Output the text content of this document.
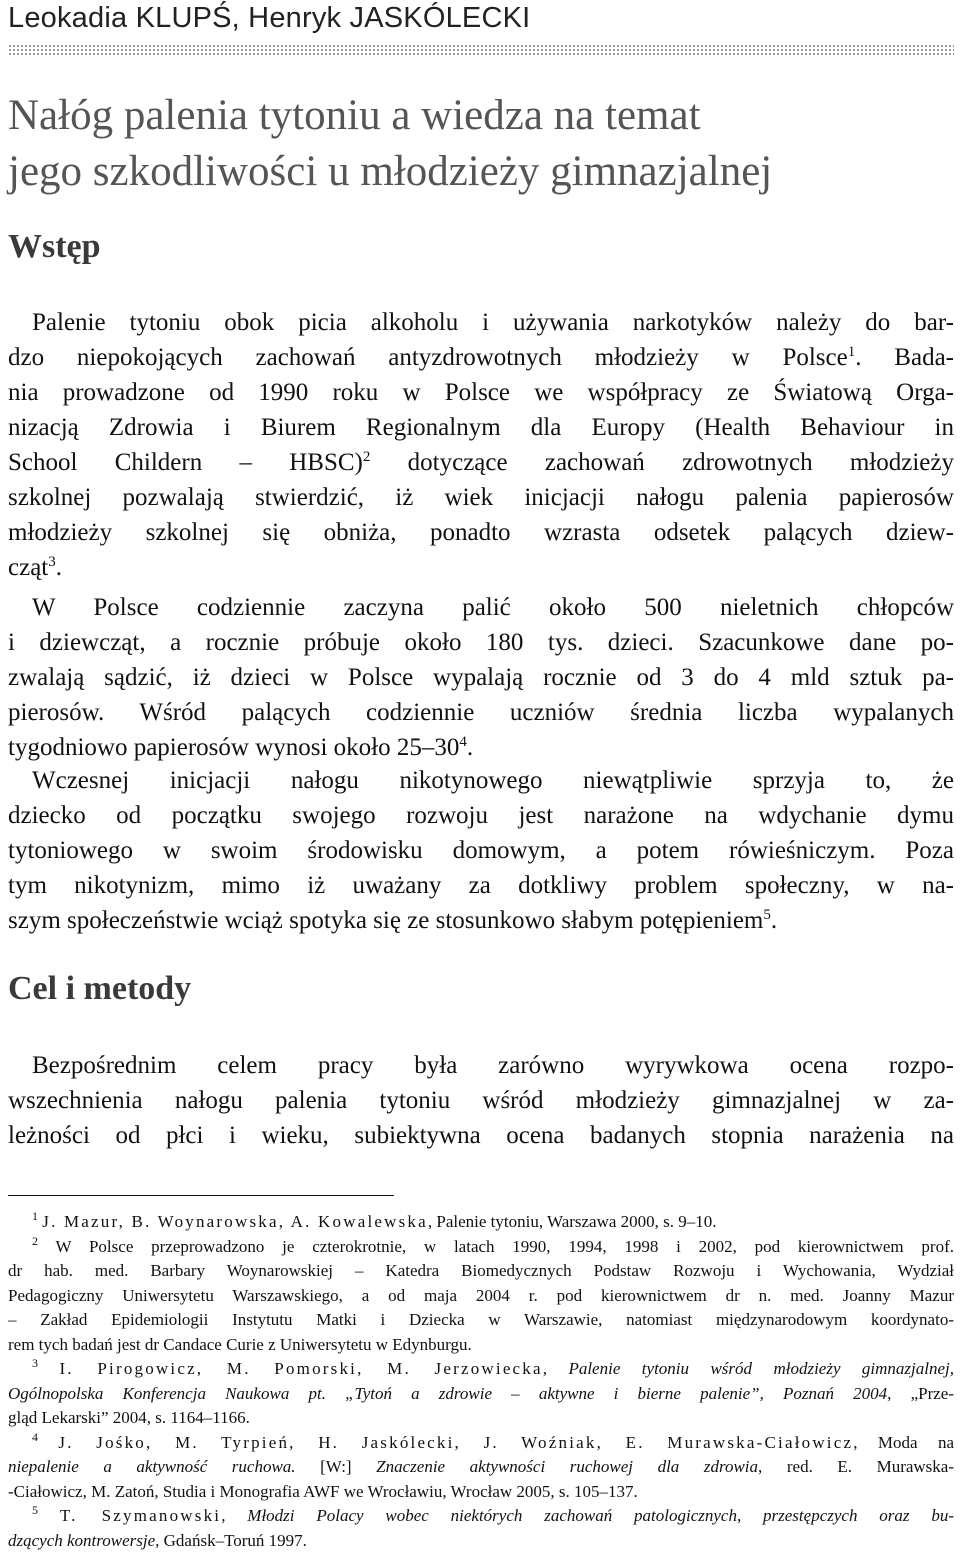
Leokadia KLUPŚ, Henryk JASKÓLECKI
Nałóg palenia tytoniu a wiedza na temat
jego szkodliwości u młodzieży gimnazjalnej
Wstęp
Palenie tytoniu obok picia alkoholu i używania narkotyków należy do bar-
dzo niepokojących zachowań antyzdrowotnych młodzieży w Polsce$^1$. Bada-
nia prowadzone od 1990 roku w Polsce we współpracy ze Światową Orga-
nizacją Zdrowia i Biurem Regionalnym dla Europy (Health Behaviour in
School Childern – HBSC)$^2$ dotyczące zachowań zdrowotnych młodzieży
szkolnej pozwalają stwierdzić, iż wiek inicjacji nałogu palenia papierosów
młodzieży szkolnej się obniża, ponadto wzrasta odsetek palących dziew-
cząt$^3$.
W Polsce codziennie zaczyna palić około 500 nieletnich chłopców
i dziewcząt, a rocznie próbuje około 180 tys. dzieci. Szacunkowe dane po-
zwalają sądzić, iż dzieci w Polsce wypalają rocznie od 3 do 4 mld sztuk pa-
pierosów. Wśród palących codziennie uczniów średnia liczba wypalanych
tygodniowo papierosów wynosi około $25-30^4$.
Wczesnej inicjacji nałogu nikotynowego niewątpliwie sprzyja to, że
dziecko od początku swojego rozwoju jest narażone na wdychanie dymu
tytoniowego w swoim środowisku domowym, a potem rówieśniczym. Poza
tym nikotynizm, mimo iż uważany za dotkliwy problem społeczny, w na-
szym społeczeństwie wciąż spotyka się ze stosunkowo słabym potępieniem$^5$.
Cel i metody
Bezpośrednim celem pracy była zarówno wyrywkowa ocena rozpo-
wszechnienia nałogu palenia tytoniu wśród młodzieży gimnazjalnej w za-
leżności od płci i wieku, subiektywna ocena badanych stopnia narażenia na
$^1$ J. Mazur, B. Woynarowska, A. Kowalewska, Palenie tytoniu, Warszawa 2000, s. 9–10.
$^2$ W Polsce przeprowadzono je czterokrotnie, w latach 1990, 1994, 1998 i 2002, pod kierownictwem prof.
dr hab. med. Barbary Woynarowskiej – Katedra Biomedycznych Podstaw Rozwoju i Wychowania, Wydział
Pedagogiczny Uniwersytetu Warszawskiego, a od maja 2004 r. pod kierownictwem dr n. med. Joanny Mazur
– Zakład Epidemiologii Instytutu Matki i Dziecka w Warszawie, natomiast międzynarodowym koordynato-
rem tych badań jest dr Candace Curie z Uniwersytetu w Edynburgu.
$^3$ I. Pirogowicz, M. Pomorski, M. Jerzowiecka, Palenie tytoniu wśród młodzieży gimnazjalnej,
Ogólnopolska Konferencja Naukowa pt. „Tytoń a zdrowie – aktywne i bierne palenie”, Poznań 2004, „Prze-
gląd Lekarski” 2004, s. 1164–1166.
$^4$ J. Jośko, M. Tyrpień, H. Jaskólecki, J. Woźniak, E. Murawska-Ciałowicz, Moda na
niepalenie a aktywność ruchowa. [W:] Znaczenie aktywności ruchowej dla zdrowia, red. E. Murawska-
-Ciałowicz, M. Zatoń, Studia i Monografia AWF we Wrocławiu, Wrocław 2005, s. 105–137.
$^5$ T. Szymanowski, Młodzi Polacy wobec niektórych zachowań patologicznych, przestępczych oraz bu-
dzących kontrowersje, Gdańsk–Toruń 1997.
